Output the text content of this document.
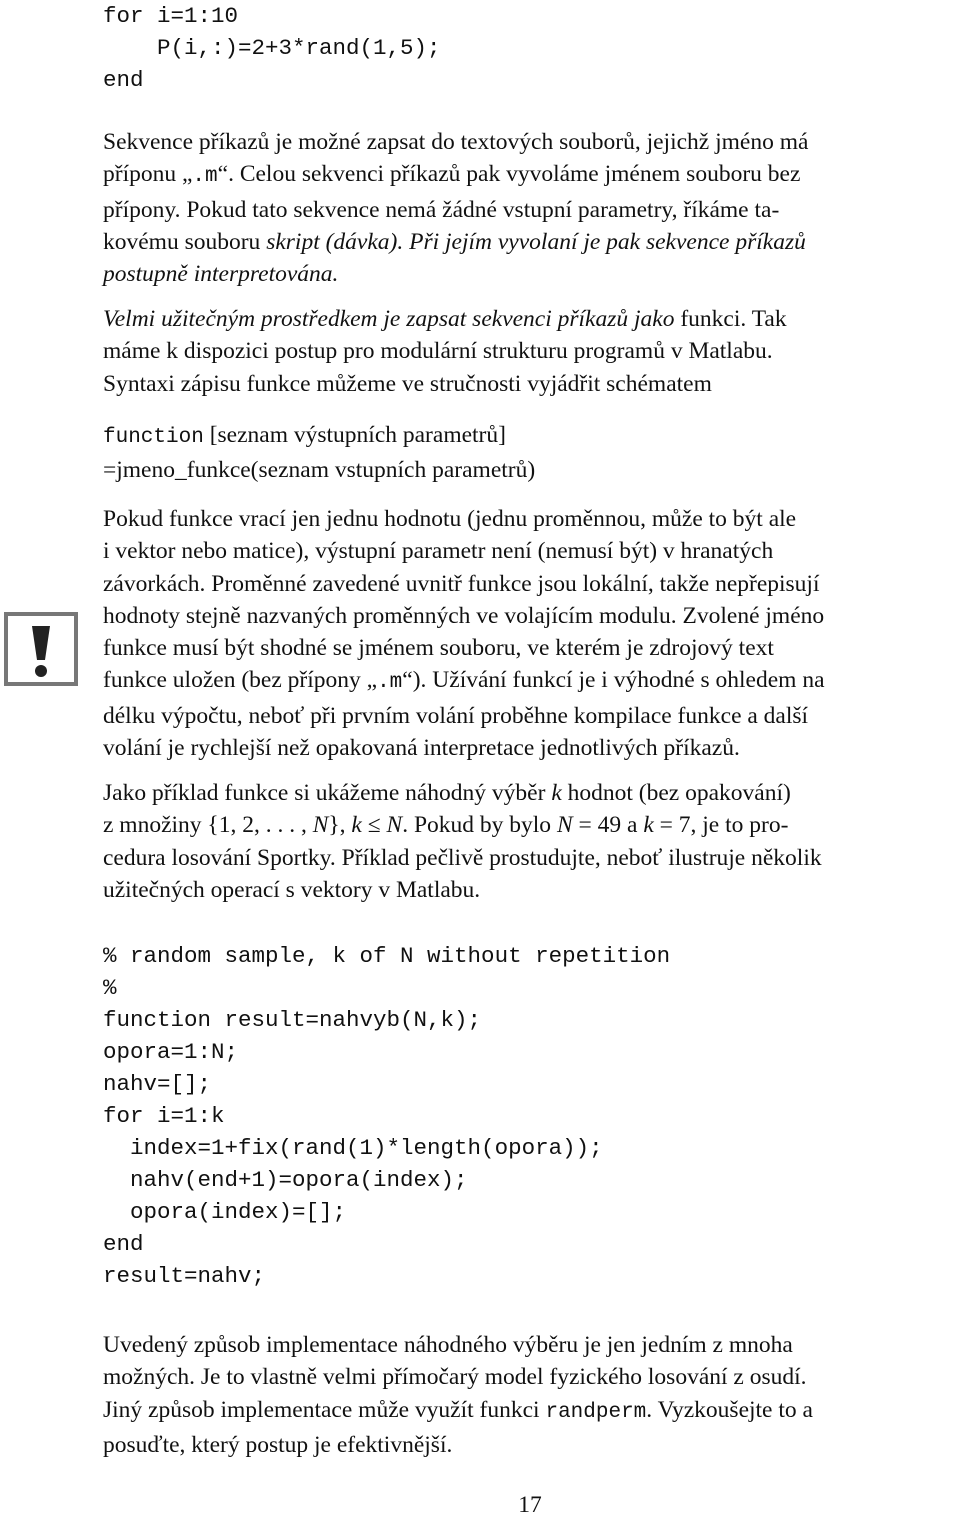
for i=1:10
P(i,:)=2+3*rand(1,5);
end

Sekvence příkazů je možné zapsat do textových souborů, jejichž jméno má

příponu „.m“. Celou sekvenci příkazů pak vyvoláme jménem souboru bez

přípony. Pokud tato sekvence nemá žádné vstupní parametry, říkáme ta-

kovému souboru skript (dávka). Při jejím vyvolaní je pak sekvence příkazů

postupně interpretována.

Velmi užitečným prostředkem je zapsat sekvenci příkazů jako funkci. Tak

máme k dispozici postup pro modulární strukturu programů v Matlabu.

Syntaxi zápisu funkce můžeme ve stručnosti vyjádřit schématem

function [seznam výstupních parametrů]

=jmeno_funkce(seznam vstupních parametrů)

Pokud funkce vrací jen jednu hodnotu (jednu proměnnou, může to být ale

i vektor nebo matice), výstupní parametr není (nemusí být) v hranatých

závorkách. Proměnné zavedené uvnitř funkce jsou lokální, takže nepřepisují

hodnoty stejně nazvaných proměnných ve volajícím modulu. Zvolené jméno

funkce musí být shodné se jménem souboru, ve kterém je zdrojový text

funkce uložen (bez přípony „.m“). Užívání funkcí je i výhodné s ohledem na

délku výpočtu, neboť při prvním volání proběhne kompilace funkce a další

volání je rychlejší než opakovaná interpretace jednotlivých příkazů.

Jako příklad funkce si ukážeme náhodný výběr k hodnot (bez opakování)

z množiny {1, 2, . . . , N}, k ≤ N. Pokud by bylo N = 49 a k = 7, je to pro-

cedura losování Sportky. Příklad pečlivě prostudujte, neboť ilustruje několik

užitečných operací s vektory v Matlabu.

% random sample, k of N without repetition
%
function result=nahvyb(N,k);
opora=1:N;
nahv=[];
for i=1:k
index=1+fix(rand(1)*length(opora));
nahv(end+1)=opora(index);
opora(index)=[];
end
result=nahv;

Uvedený způsob implementace náhodného výběru je jen jedním z mnoha

možných. Je to vlastně velmi přímočarý model fyzického losování z osudí.

Jiný způsob implementace může využít funkci randperm. Vyzkoušejte to a

posuďte, který postup je efektivnější.

17
